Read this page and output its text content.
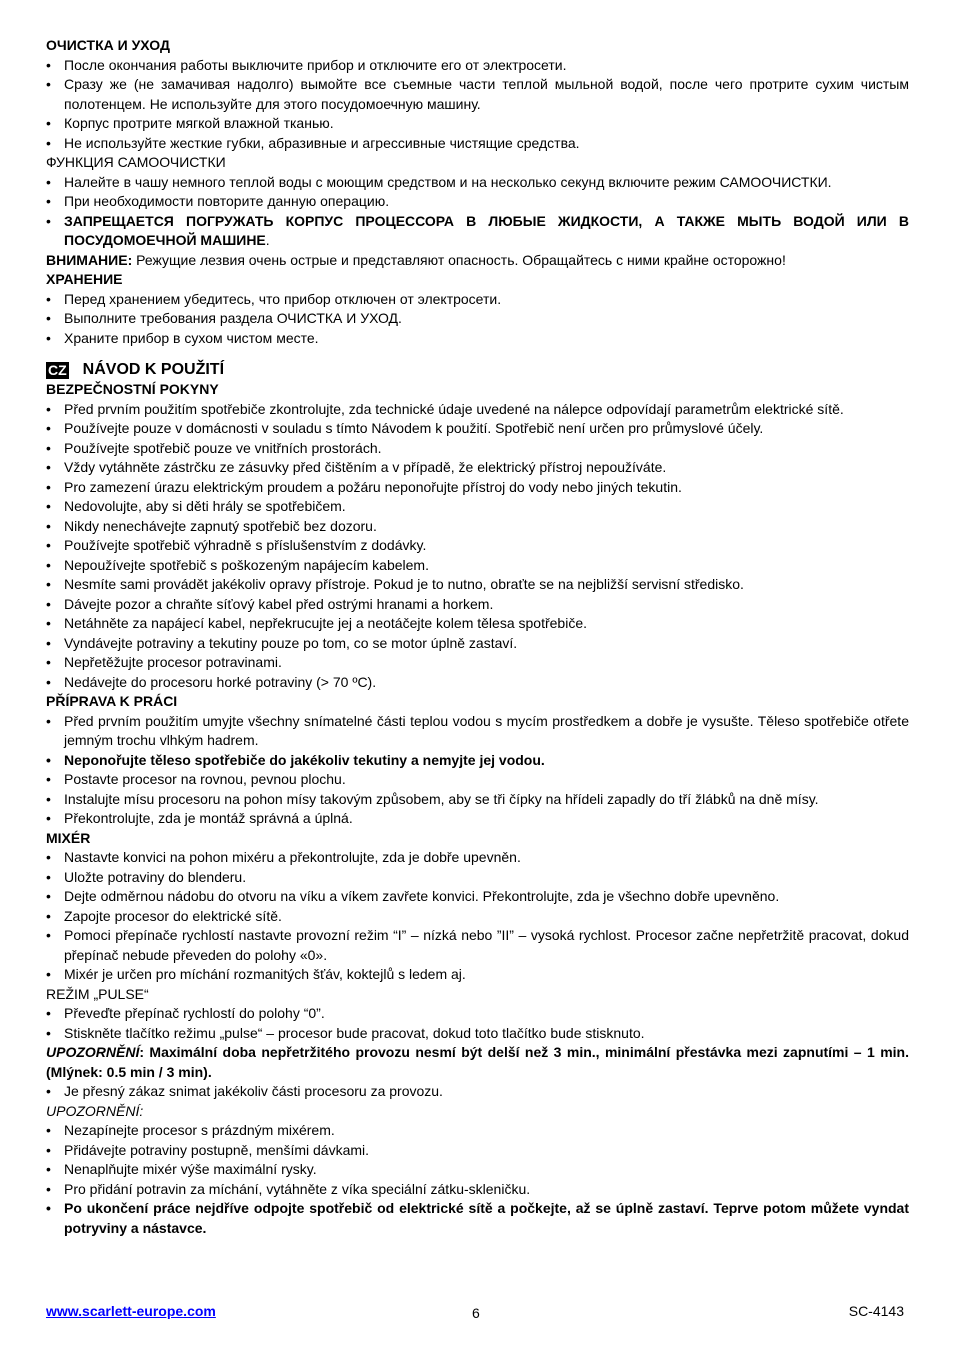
ОЧИСТКА И УХОД
• После окончания работы выключите прибор и отключите его от электросети.
• Сразу же (не замачивая надолго) вымойте все съемные части теплой мыльной водой, после чего протрите сухим чистым полотенцем. Не используйте для этого посудомоечную машину.
• Корпус протрите мягкой влажной тканью.
• Не используйте жесткие губки, абразивные и агрессивные чистящие средства.
ФУНКЦИЯ САМООЧИСТКИ
• Налейте в чашу немного теплой воды с моющим средством и на несколько секунд включите режим САМООЧИСТКИ.
• При необходимости повторите данную операцию.
• ЗАПРЕЩАЕТСЯ ПОГРУЖАТЬ КОРПУС ПРОЦЕССОРА В ЛЮБЫЕ ЖИДКОСТИ, А ТАКЖЕ МЫТЬ ВОДОЙ ИЛИ В ПОСУДОМОЕЧНОЙ МАШИНЕ.
ВНИМАНИЕ: Режущие лезвия очень острые и представляют опасность. Обращайтесь с ними крайне осторожно!
ХРАНЕНИЕ
• Перед хранением убедитесь, что прибор отключен от электросети.
• Выполните требования раздела ОЧИСТКА И УХОД.
• Храните прибор в сухом чистом месте.
CZ NÁVOD K POUŽITÍ
BEZPEČNOSTNÍ POKYNY
• Před prvním použitím spotřebiče zkontrolujte, zda technické údaje uvedené na nálepce odpovídají parametrům elektrické sítě.
• Používejte pouze v domácnosti v souladu s tímto Návodem k použití. Spotřebič není určen pro průmyslové účely.
• Používejte spotřebič pouze ve vnitřních prostorách.
• Vždy vytáhněte zástrčku ze zásuvky před čištěním a v případě, že elektrický přístroj nepoužíváte.
• Pro zamezení úrazu elektrickým proudem a požáru neponořujte přístroj do vody nebo jiných tekutin.
• Nedovolujte, aby si děti hrály se spotřebičem.
• Nikdy nenechávejte zapnutý spotřebič bez dozoru.
• Používejte spotřebič výhradně s příslušenstvím z dodávky.
• Nepoužívejte spotřebič s poškozeným napájecím kabelem.
• Nesmíte sami provádět jakékoliv opravy přístroje. Pokud je to nutno, obraťte se na nejbližší servisní středisko.
• Dávejte pozor a chraňte síťový kabel před ostrými hranami a horkem.
• Netáhněte za napájecí kabel, nepřekrucujte jej a neotáčejte kolem tělesa spotřebiče.
• Vyndávejte potraviny a tekutiny pouze po tom, co se motor úplně zastaví.
• Nepřetěžujte procesor potravinami.
• Nedávejte do procesoru horké potraviny (> 70 ºC).
PŘÍPRAVA K PRÁCI
• Před prvním použitím umyjte všechny snímatelné části teplou vodou s mycím prostředkem a dobře je vysušte. Těleso spotřebiče otřete jemným trochu vlhkým hadrem.
• Neponořujte těleso spotřebiče do jakékoliv tekutiny a nemyjte jej vodou.
• Postavte procesor na rovnou, pevnou plochu.
• Instalujte mísu procesoru na pohon mísy takovým způsobem, aby se tři čípky na hřídeli zapadly do tří žlábků na dně mísy.
• Překontrolujte, zda je montáž správná a úplná.
MIXÉR
• Nastavte konvici na pohon mixéru a překontrolujte, zda je dobře upevněn.
• Uložte potraviny do blenderu.
• Dejte odměrnou nádobu do otvoru na víku a víkem zavřete konvici. Překontrolujte, zda je všechno dobře upevněno.
• Zapojte procesor do elektrické sítě.
• Pomoci přepínače rychlostí nastavte provozní režim “I” – nízká nebo ”II” – vysoká rychlost. Procesor začne nepřetržitě pracovat, dokud přepínač nebude převeden do polohy «0».
• Mixér je určen pro míchání rozmanitých šťáv, koktejlů s ledem aj.
REŽIM „PULSE“
• Převeďte přepínač rychlostí do polohy “0”.
• Stiskněte tlačítko režimu „pulse“ – procesor bude pracovat, dokud toto tlačítko bude stisknuto.
UPOZORNĚNÍ: Maximální doba nepřetržitého provozu nesmí být delší než 3 min., minimální přestávka mezi zapnutími – 1 min. (Mlýnek: 0.5 min / 3 min).
• Je přesný zákaz snimat jakékoliv části procesoru za provozu.
UPOZORNĚNÍ:
• Nezapínejte procesor s prázdným mixérem.
• Přidávejte potraviny postupně, menšími dávkami.
• Nenaplňujte mixér výše maximální rysky.
• Pro přidání potravin za míchání, vytáhněte z víka speciální zátku-skleničku.
• Po ukončení práce nejdříve odpojte spotřebič od elektrické sítě a počkejte, až se úplně zastaví. Teprve potom můžete vyndat potryviny a nástavce.
www.scarlett-europe.com	6	SC-4143
